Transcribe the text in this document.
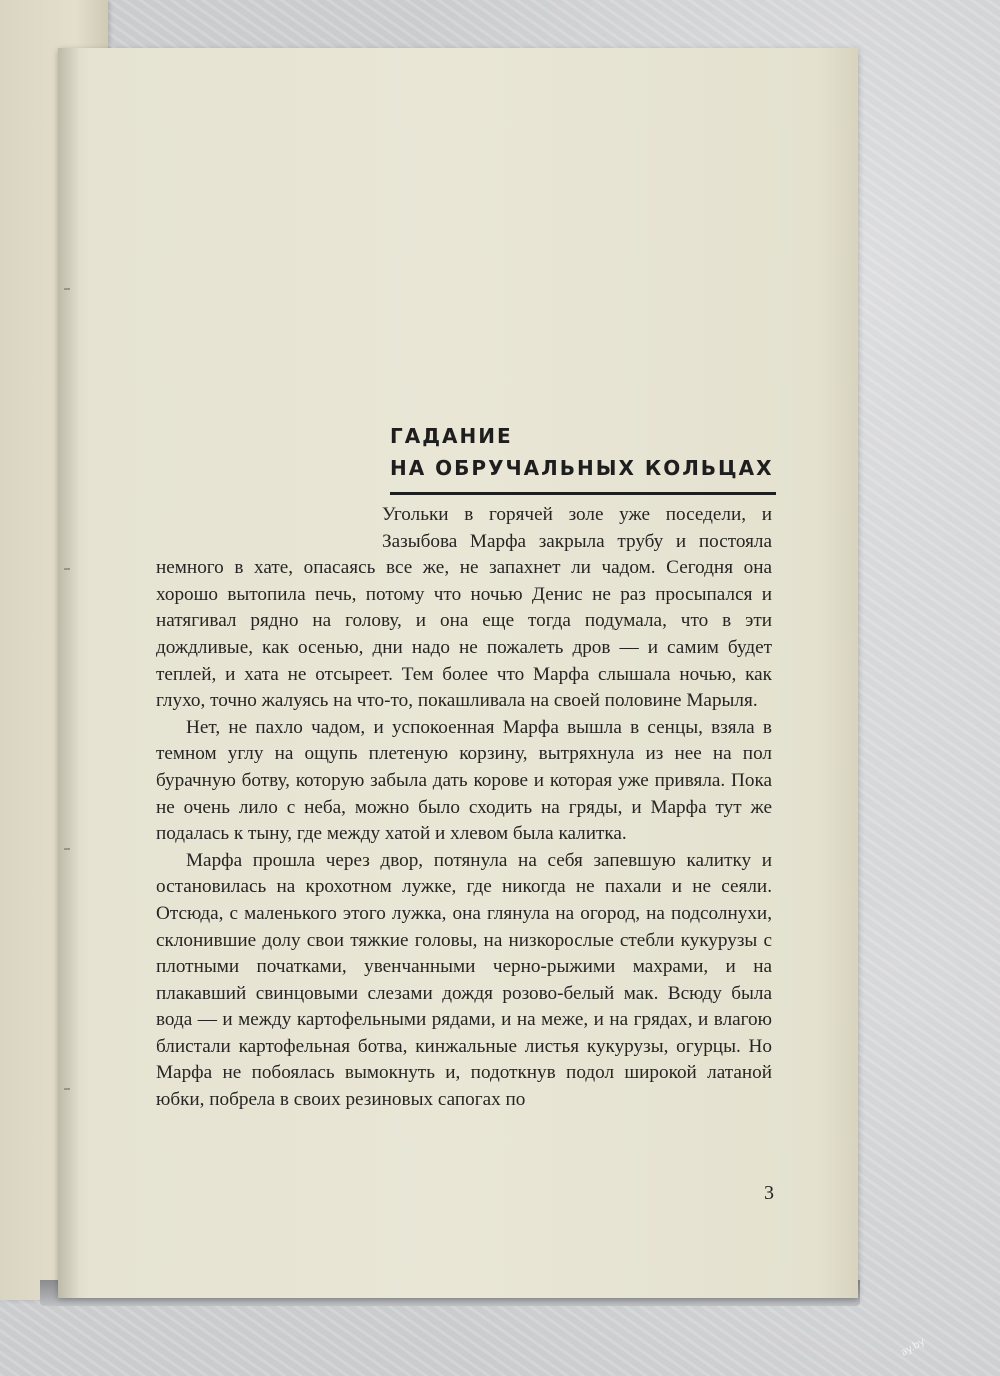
ГАДАНИЕ
НА ОБРУЧАЛЬНЫХ КОЛЬЦАХ

Угольки в горячей золе уже поседели, и Зазыбова Марфа закрыла трубу и постояла немного в хате, опасаясь все же, не запахнет ли чадом. Сегодня она хорошо вытопила печь, потому что ночью Денис не раз просыпался и натягивал рядно на голову, и она еще тогда подумала, что в эти дождливые, как осенью, дни надо не пожалеть дров — и самим будет теплей, и хата не отсыреет. Тем более что Марфа слышала ночью, как глухо, точно жалуясь на что-то, покашливала на своей половине Марыля.

Нет, не пахло чадом, и успокоенная Марфа вышла в сенцы, взяла в темном углу на ощупь плетеную корзину, вытряхнула из нее на пол бурачную ботву, которую забыла дать корове и которая уже привяла. Пока не очень лило с неба, можно было сходить на гряды, и Марфа тут же подалась к тыну, где между хатой и хлевом была калитка.

Марфа прошла через двор, потянула на себя запевшую калитку и остановилась на крохотном лужке, где никогда не пахали и не сеяли. Отсюда, с маленького этого лужка, она глянула на огород, на подсолнухи, склонившие долу свои тяжкие головы, на низкорослые стебли кукурузы с плотными початками, увенчанными черно-рыжими махрами, и на плакавший свинцовыми слезами дождя розово-белый мак. Всюду была вода — и между картофельными рядами, и на меже, и на грядах, и влагою блистали картофельная ботва, кинжальные листья кукурузы, огурцы. Но Марфа не побоялась вымокнуть и, подоткнув подол широкой латаной юбки, побрела в своих резиновых сапогах по

3
ay.by
